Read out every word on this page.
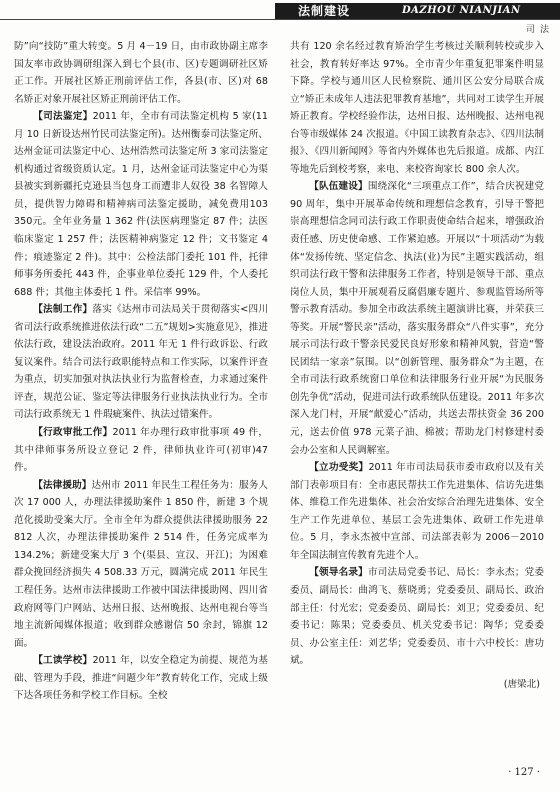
法制建设	DAZHOU NIANJIAN
司法

防”向“技防”重大转变。5 月 4－19 日，由市政协副主席李国友率市政协调研组深入到七个县(市、区)专题调研社区矫正工作。开展社区矫正刑前评估工作，各县(市、区)对 68 名矫正对象开展社区矫正刑前评估工作。

【司法鉴定】2011 年，全市有司法鉴定机构 5 家(11 月 10 日新设达州竹民司法鉴定所)。达州衡泰司法鉴定所、达州金证司法鉴定中心、达州浩然司法鉴定所 3 家司法鉴定机构通过省级资质认定。1 月，达州金证司法鉴定中心为渠县被实到新疆托克逊县当包身工而遭非人奴役 38 名智障人员，提供智力障碍和精神病司法鉴定援助，减免费用103 350元。全年业务量 1 362 件(法医病理鉴定 87 件；法医临床鉴定 1 257 件；法医精神病鉴定 12 件；文书鉴定 4 件；痕迹鉴定 2 件)。其中：公检法部门委托 101 件，托律师事务所委托 443 件，企事业单位委托 129 件，个人委托 688 件；其他主体委托 1 件。采信率 99%。

【法制工作】落实《达州市司法局关于贯彻落实<四川省司法行政系统推进依法行政“二五”规划>实施意见》，推进依法行政，建设法治政府。2011 年无 1 件行政诉讼、行政复议案件。结合司法行政职能特点和工作实际，以案件评查为重点，切实加强对执法执业行为监督检查，力求通过案件评查，规范公证、鉴定等法律服务行业执法执业行为。全市司法行政系统无 1 件瑕疵案件、执法过错案件。

【行政审批工作】2011 年办理行政审批事项 49 件，其中律师事务所设立登记 2 件，律师执业许可(初审)47 件。

【法律援助】达州市 2011 年民生工程任务为：服务人次 17 000 人，办理法律援助案件 1 850 件，新建 3 个规范化援助受案大厅。全市全年为群众提供法律援助服务 22 812 人次，办理法律援助案件 2 514 件，任务完成率为 134.2%；新建受案大厅 3 个(渠县、宣汉、开江)；为困难群众挽回经济损失 4 508.33 万元，圆满完成 2011 年民生工程任务。达州市法律援助工作被中国法律援助网、四川省政府网等门户网站、达州日报、达州晚报、达州电视台等当地主流新闻媒体报道；收到群众感谢信 50 余封，锦旗 12 面。

【工读学校】2011 年，以安全稳定为前提、规范为基础、管理为手段，推进“问题少年”教育转化工作，完成上级下达各项任务和学校工作目标。全校

共有 120 余名经过教育矫治学生考核过关顺利转校或步入社会，教育转好率达 97%。全市青少年重复犯罪案件明显下降。学校与通川区人民检察院、通川区公安分局联合成立“矫正未成年人违法犯罪教育基地”，共同对工读学生开展矫正教育。学校经验作法，达州日报、达州晚报、达州电视台等市级媒体 24 次报道。《中国工读教育杂志》、《四川法制报》、《四川新闻网》等省内外媒体也先后报道。成都、内江等地先后到校考察，来电、来校咨询家长 800 余人次。

【队伍建设】围绕深化“三项重点工作”，结合庆祝建党 90 周年，集中开展革命传统和理想信念教育，引导干警把崇高理想信念同司法行政工作职责使命结合起来，增强政治责任感、历史使命感、工作紧迫感。开展以“十项活动”为载体“发扬传统、坚定信念、执法(业)为民”主题实践活动，组织司法行政干警和法律服务工作者，特别是领导干部、重点岗位人员，集中开展观看反腐倡廉专题片、参观监管场所等警示教育活动。参加全市政法系统主题演讲比赛，并荣获三等奖。开展“警民亲”活动，落实服务群众“八件实事”，充分展示司法行政干警亲民爱民良好形象和精神风貌，营造“警民团结一家亲”氛围。以“创新管理、服务群众”为主题，在全市司法行政系统窗口单位和法律服务行业开展“为民服务创先争优”活动，促进司法行政系统队伍建设。2011 年多次深入龙门村，开展“献爱心”活动，共送去帮扶资金 36 200 元，送去价值 978 元菜子油、棉被；帮助龙门村修建村委会办公室和人民调解室。

【立功受奖】2011 年市司法局获市委市政府以及有关部门表彰项目有：全市惠民帮扶工作先进集体、信访先进集体、维稳工作先进集体、社会治安综合治理先进集体、安全生产工作先进单位、基层工会先进集体、政研工作先进单位。5 月，李永杰被中宣部、司法部表彰为 2006－2010 年全国法制宣传教育先进个人。

【领导名录】市司法局党委书记、局长：李永杰；党委委员、副局长：曲鸿飞、蔡晓勇；党委委员、副局长、政治部主任：付光宏；党委委员、副局长：刘卫；党委委员、纪委书记：陈果；党委委员、机关党委书记：陶华；党委委员、办公室主任：刘艺华；党委委员、市十六中校长：唐功斌。

(唐梁北)
· 127 ·
